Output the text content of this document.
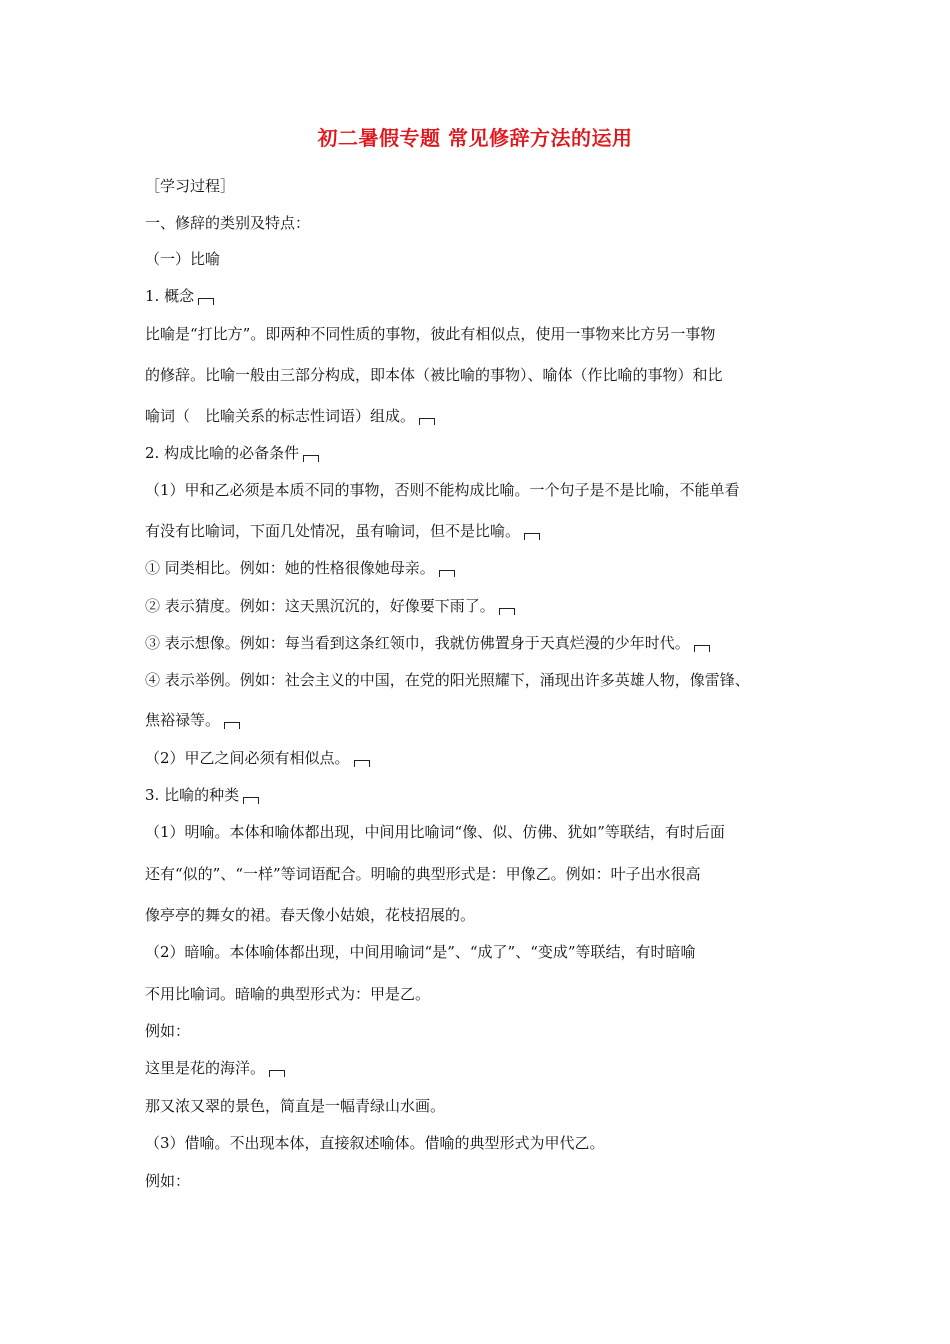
初二暑假专题 常见修辞方法的运用
［学习过程］
一、修辞的类别及特点：
（一）比喻
1. 概念
比喻是“打比方”。即两种不同性质的事物，彼此有相似点，使用一事物来比方另一事物
的修辞。比喻一般由三部分构成，即本体（被比喻的事物）、喻体（作比喻的事物）和比
喻词（　比喻关系的标志性词语）组成。
2. 构成比喻的必备条件
（1）甲和乙必须是本质不同的事物，否则不能构成比喻。一个句子是不是比喻，不能单看
有没有比喻词，下面几处情况，虽有喻词，但不是比喻。
① 同类相比。例如：她的性格很像她母亲。
② 表示猜度。例如：这天黑沉沉的，好像要下雨了。
③ 表示想像。例如：每当看到这条红领巾，我就仿佛置身于天真烂漫的少年时代。
④ 表示举例。例如：社会主义的中国，在党的阳光照耀下，涌现出许多英雄人物，像雷锋、
焦裕禄等。
（2）甲乙之间必须有相似点。
3. 比喻的种类
（1）明喻。本体和喻体都出现，中间用比喻词“像、似、仿佛、犹如”等联结，有时后面
还有“似的”、“一样”等词语配合。明喻的典型形式是：甲像乙。例如：叶子出水很高
像亭亭的舞女的裙。春天像小姑娘，花枝招展的。
（2）暗喻。本体喻体都出现，中间用喻词“是”、“成了”、“变成”等联结，有时暗喻
不用比喻词。暗喻的典型形式为：甲是乙。
例如：
这里是花的海洋。
那又浓又翠的景色，简直是一幅青绿山水画。
（3）借喻。不出现本体，直接叙述喻体。借喻的典型形式为甲代乙。
例如：
